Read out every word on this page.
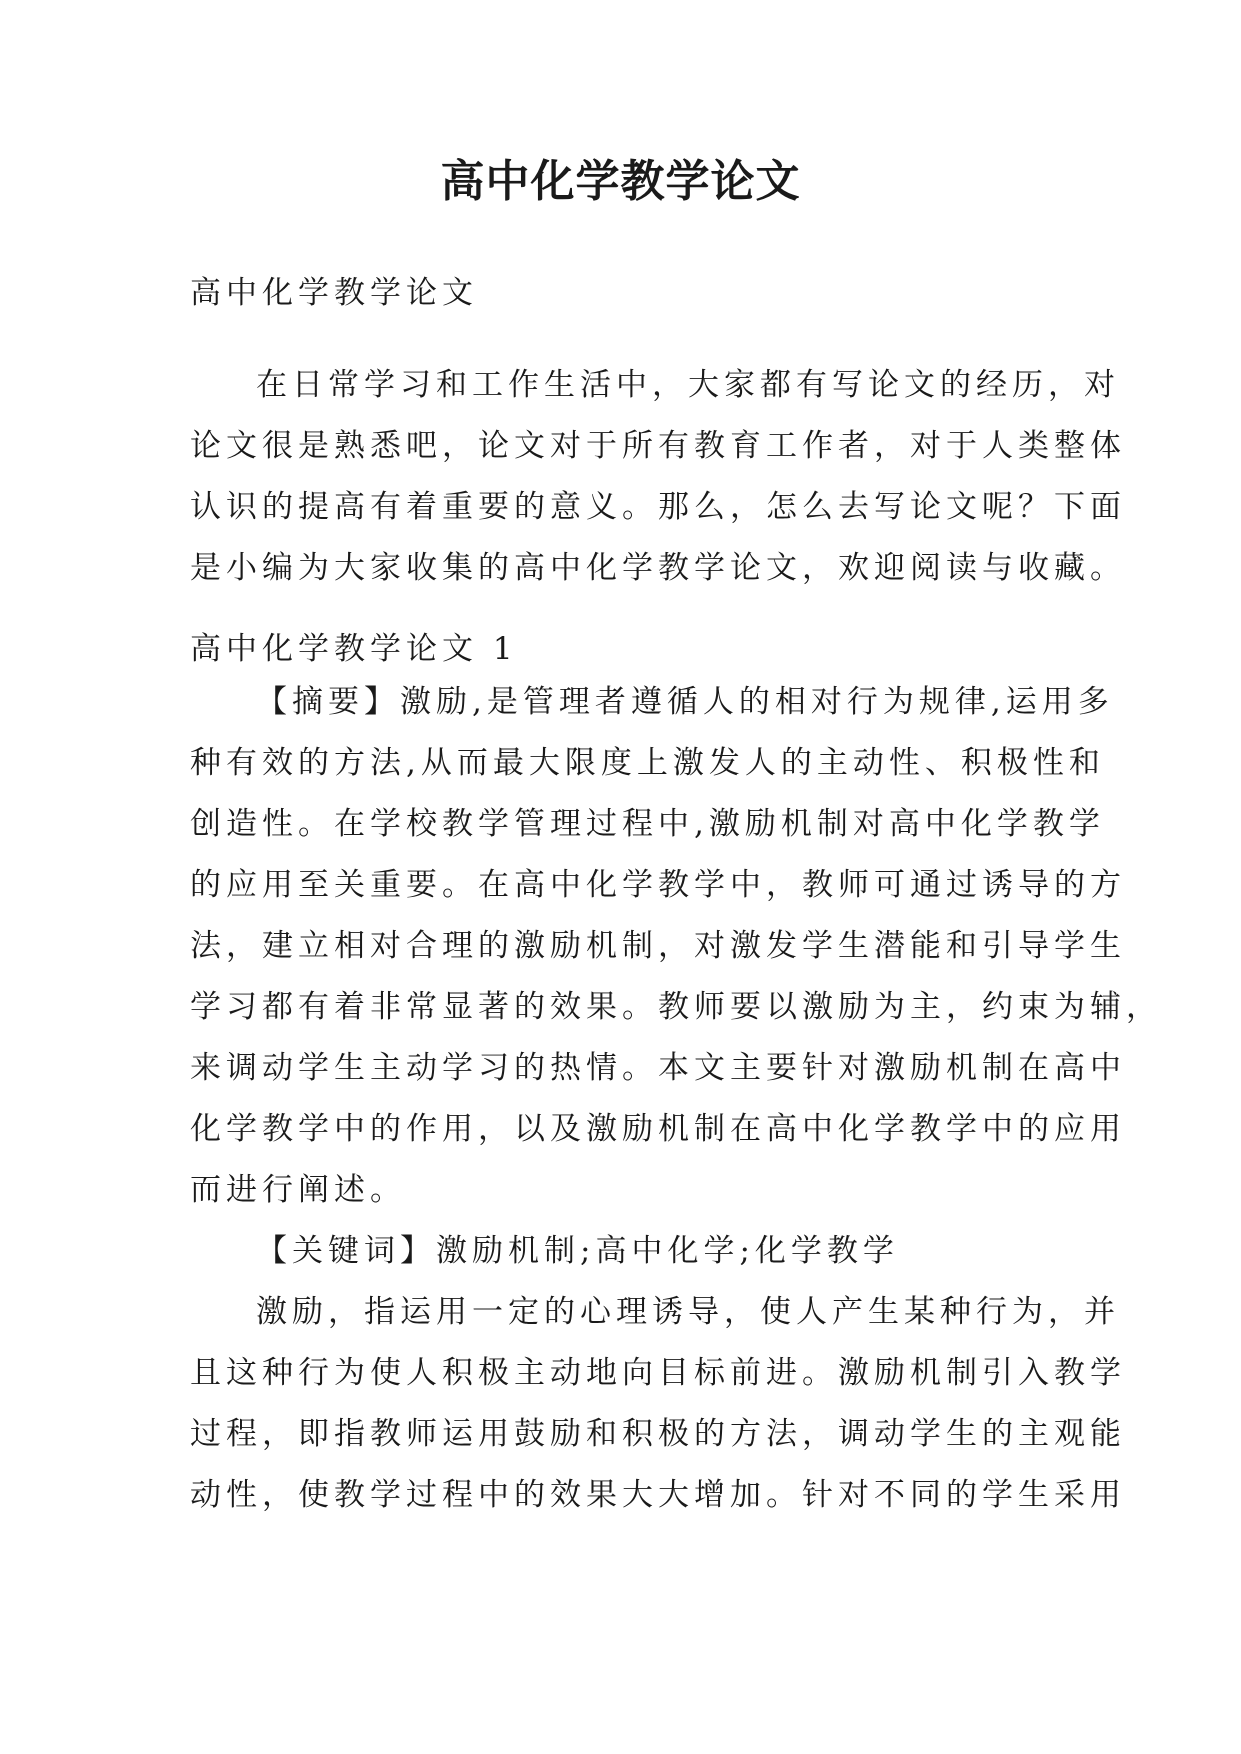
高中化学教学论文
高中化学教学论文
在日常学习和工作生活中，大家都有写论文的经历，对
论文很是熟悉吧，论文对于所有教育工作者，对于人类整体
认识的提高有着重要的意义。那么，怎么去写论文呢？下面
是小编为大家收集的高中化学教学论文，欢迎阅读与收藏。
高中化学教学论文 1
【摘要】激励,是管理者遵循人的相对行为规律,运用多
种有效的方法,从而最大限度上激发人的主动性、积极性和
创造性。在学校教学管理过程中,激励机制对高中化学教学
的应用至关重要。在高中化学教学中，教师可通过诱导的方
法，建立相对合理的激励机制，对激发学生潜能和引导学生
学习都有着非常显著的效果。教师要以激励为主，约束为辅，
来调动学生主动学习的热情。本文主要针对激励机制在高中
化学教学中的作用，以及激励机制在高中化学教学中的应用
而进行阐述。
【关键词】激励机制;高中化学;化学教学
激励，指运用一定的心理诱导，使人产生某种行为，并
且这种行为使人积极主动地向目标前进。激励机制引入教学
过程，即指教师运用鼓励和积极的方法，调动学生的主观能
动性，使教学过程中的效果大大增加。针对不同的学生采用
